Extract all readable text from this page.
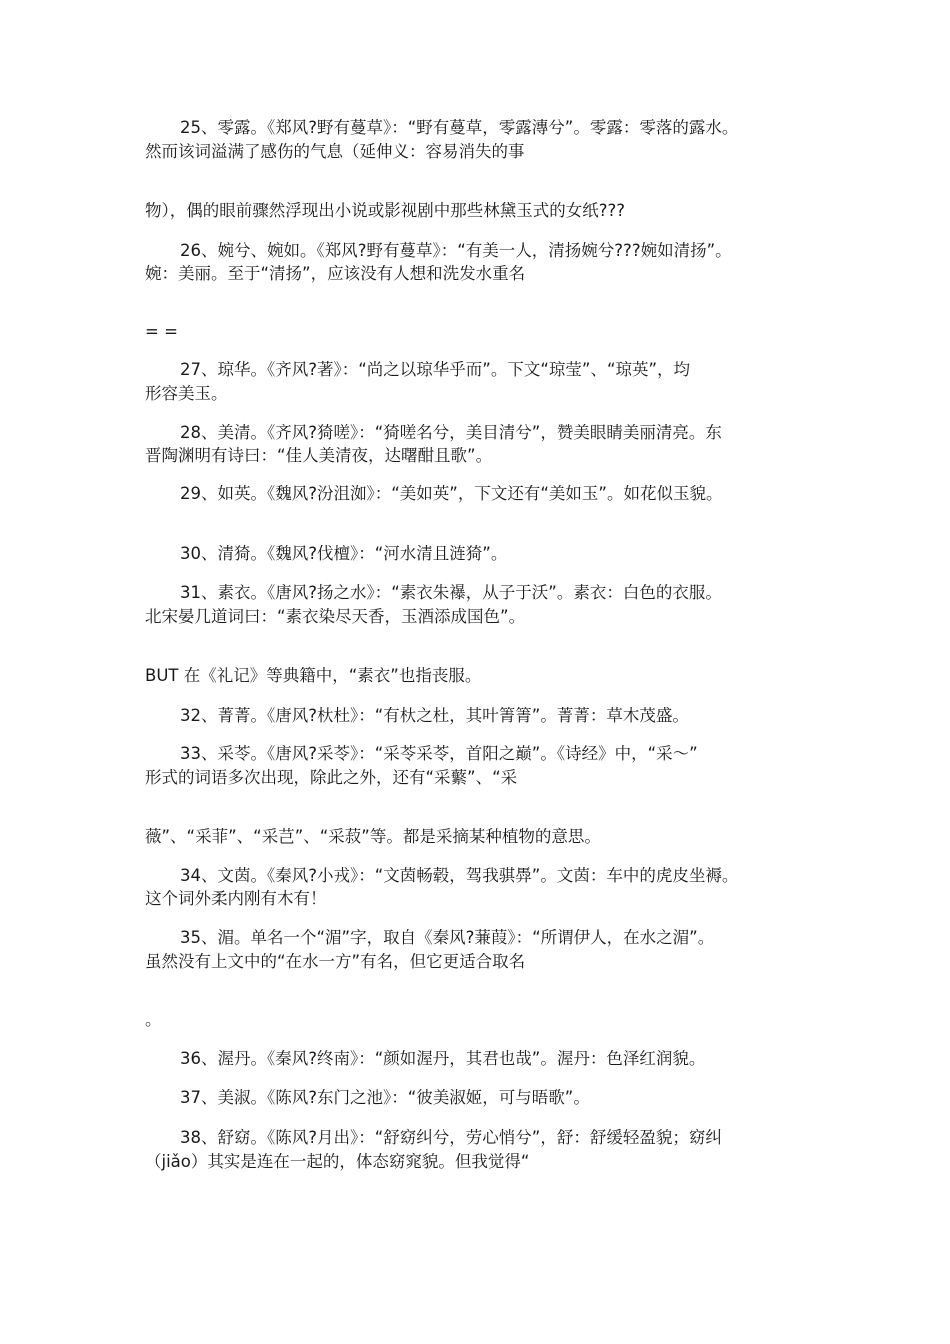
25、零露。《郑风?野有蔓草》：“野有蔓草，零露漙兮”。零露：零落的露水。
然而该词溢满了感伤的气息（延伸义：容易消失的事
物），偶的眼前骤然浮现出小说或影视剧中那些林黛玉式的女纸???
26、婉兮、婉如。《郑风?野有蔓草》：“有美一人，清扬婉兮???婉如清扬”。
婉：美丽。至于“清扬”，应该没有人想和洗发水重名
= =
27、琼华。《齐风?著》：“尚之以琼华乎而”。下文“琼莹”、“琼英”，均
形容美玉。
28、美清。《齐风?猗嗟》：“猗嗟名兮，美目清兮”，赞美眼睛美丽清亮。东
晋陶渊明有诗曰：“佳人美清夜，达曙酣且歌”。
29、如英。《魏风?汾沮洳》：“美如英”，下文还有“美如玉”。如花似玉貌。
30、清猗。《魏风?伐檀》：“河水清且涟猗”。
31、素衣。《唐风?扬之水》：“素衣朱襮，从子于沃”。素衣：白色的衣服。
北宋晏几道词曰：“素衣染尽天香，玉酒添成国色”。
BUT 在《礼记》等典籍中，“素衣”也指丧服。
32、菁菁。《唐风?杕杜》：“有杕之杜，其叶箐箐”。菁菁：草木茂盛。
33、采苓。《唐风?采苓》：“采苓采苓，首阳之巅”。《诗经》中，“采～”
形式的词语多次出现，除此之外，还有“采蘩”、“采
薇”、“采菲”、“采芑”、“采菽”等。都是采摘某种植物的意思。
34、文茵。《秦风?小戎》：“文茵畅毂，驾我骐馵”。文茵：车中的虎皮坐褥。
这个词外柔内刚有木有！
35、湄。单名一个“湄”字，取自《秦风?蒹葭》：“所谓伊人，在水之湄”。
虽然没有上文中的“在水一方”有名，但它更适合取名
。
36、渥丹。《秦风?终南》：“颜如渥丹，其君也哉”。渥丹：色泽红润貌。
37、美淑。《陈风?东门之池》：“彼美淑姬，可与晤歌”。
38、舒窈。《陈风?月出》：“舒窈纠兮，劳心悄兮”，舒：舒缓轻盈貌；窈纠
（jiǎo）其实是连在一起的，体态窈窕貌。但我觉得“
